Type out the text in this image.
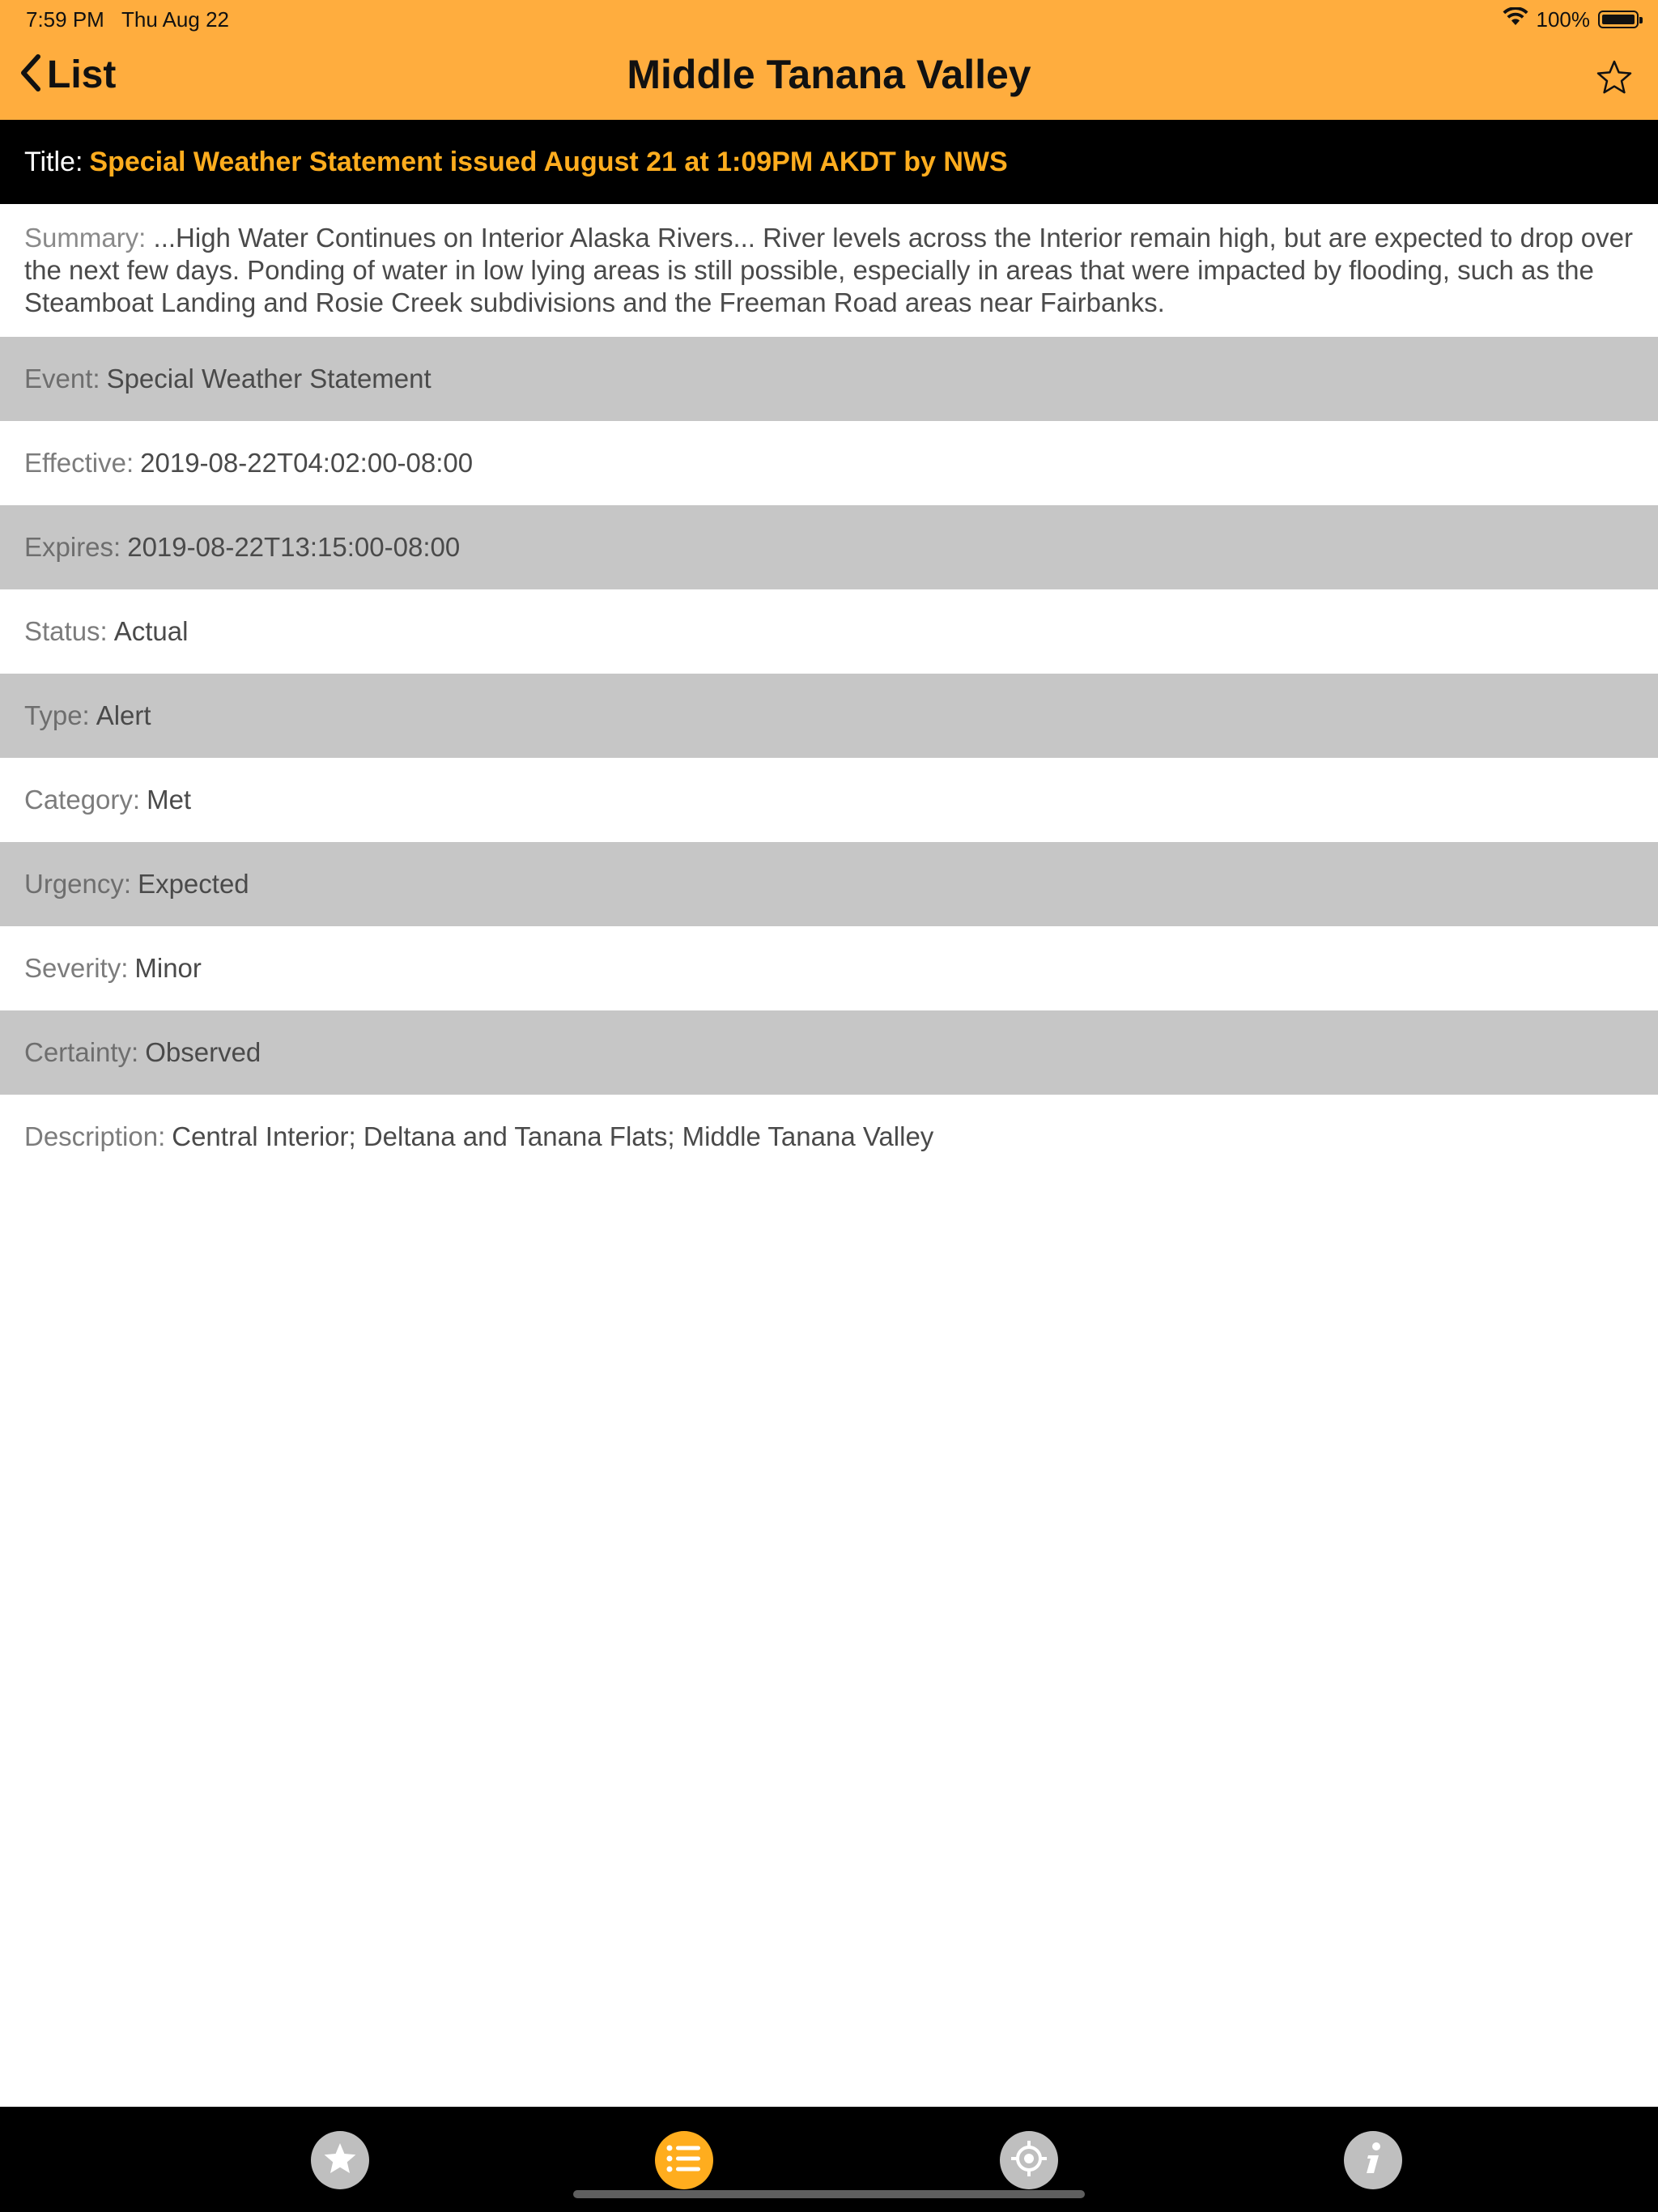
7:59 PM Thu Aug 22	100%
List	Middle Tanana Valley
Title: Special Weather Statement issued August 21 at 1:09PM AKDT by NWS
Summary: ...High Water Continues on Interior Alaska Rivers... River levels across the Interior remain high, but are expected to drop over the next few days. Ponding of water in low lying areas is still possible, especially in areas that were impacted by flooding, such as the Steamboat Landing and Rosie Creek subdivisions and the Freeman Road areas near Fairbanks.
Event: Special Weather Statement
Effective: 2019-08-22T04:02:00-08:00
Expires: 2019-08-22T13:15:00-08:00
Status: Actual
Type: Alert
Category: Met
Urgency: Expected
Severity: Minor
Certainty: Observed
Description: Central Interior; Deltana and Tanana Flats; Middle Tanana Valley
